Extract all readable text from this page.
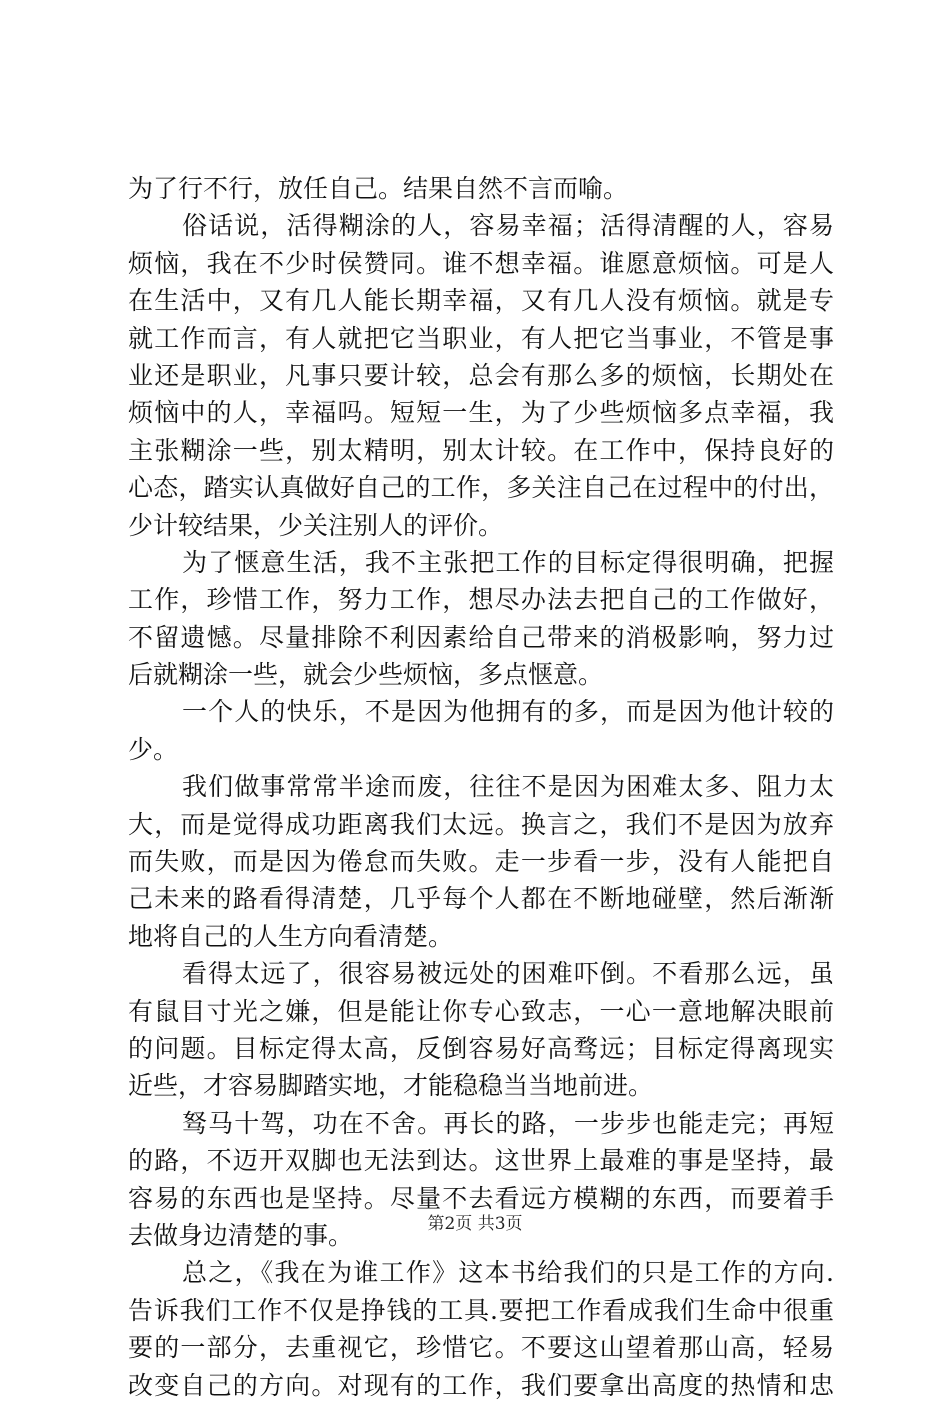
为了行不行，放任自己。结果自然不言而喻。
俗话说，活得糊涂的人，容易幸福；活得清醒的人，容易
烦恼，我在不少时侯赞同。谁不想幸福。谁愿意烦恼。可是人
在生活中，又有几人能长期幸福，又有几人没有烦恼。就是专
就工作而言，有人就把它当职业，有人把它当事业，不管是事
业还是职业，凡事只要计较，总会有那么多的烦恼，长期处在
烦恼中的人，幸福吗。短短一生，为了少些烦恼多点幸福，我
主张糊涂一些，别太精明，别太计较。在工作中，保持良好的
心态，踏实认真做好自己的工作，多关注自己在过程中的付出，
少计较结果，少关注别人的评价。
为了惬意生活，我不主张把工作的目标定得很明确，把握
工作，珍惜工作，努力工作，想尽办法去把自己的工作做好，
不留遗憾。尽量排除不利因素给自己带来的消极影响，努力过
后就糊涂一些，就会少些烦恼，多点惬意。
一个人的快乐，不是因为他拥有的多，而是因为他计较的
少。
我们做事常常半途而废，往往不是因为困难太多、阻力太
大，而是觉得成功距离我们太远。换言之，我们不是因为放弃
而失败，而是因为倦怠而失败。走一步看一步，没有人能把自
己未来的路看得清楚，几乎每个人都在不断地碰壁，然后渐渐
地将自己的人生方向看清楚。
看得太远了，很容易被远处的困难吓倒。不看那么远，虽
有鼠目寸光之嫌，但是能让你专心致志，一心一意地解决眼前
的问题。目标定得太高，反倒容易好高骛远；目标定得离现实
近些，才容易脚踏实地，才能稳稳当当地前进。
驽马十驾，功在不舍。再长的路，一步步也能走完；再短
的路，不迈开双脚也无法到达。这世界上最难的事是坚持，最
容易的东西也是坚持。尽量不去看远方模糊的东西，而要着手
去做身边清楚的事。
总之，《我在为谁工作》这本书给我们的只是工作的方向.
告诉我们工作不仅是挣钱的工具.要把工作看成我们生命中很重
要的一部分，去重视它，珍惜它。不要这山望着那山高，轻易
改变自己的方向。对现有的工作，我们要拿出高度的热情和忠
第2页 共3页
